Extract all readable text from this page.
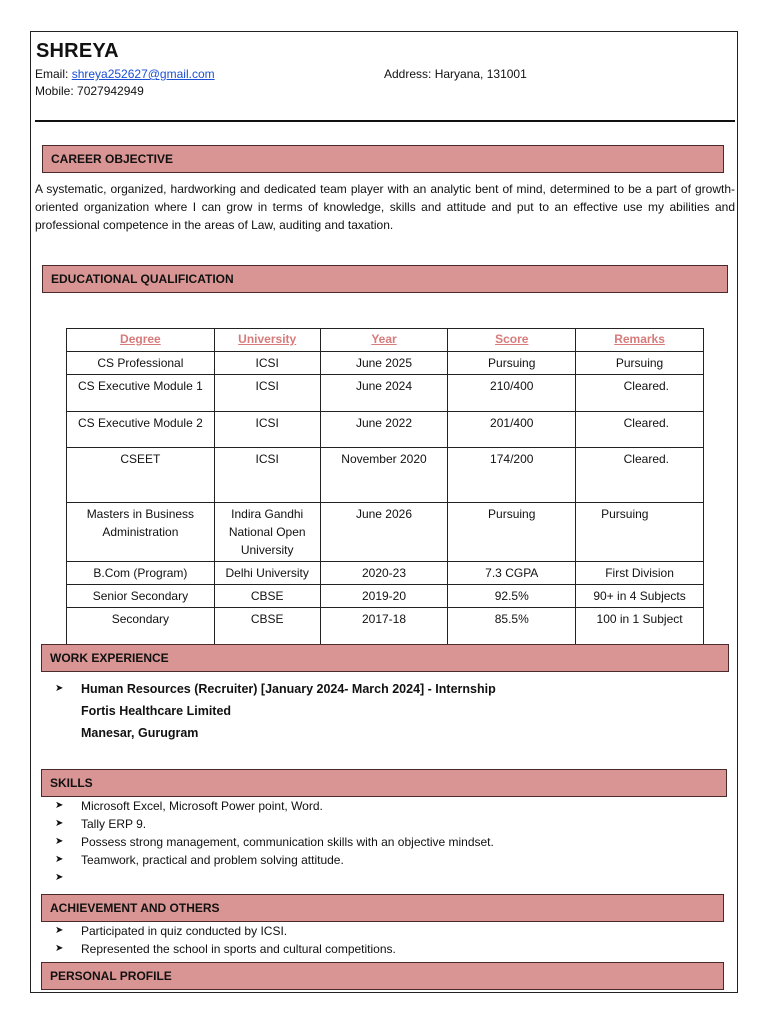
SHREYA
Email: shreya252627@gmail.com	Address: Haryana, 131001
Mobile: 7027942949
CAREER OBJECTIVE
A systematic, organized, hardworking and dedicated team player with an analytic bent of mind, determined to be a part of growth-oriented organization where I can grow in terms of knowledge, skills and attitude and put to an effective use my abilities and professional competence in the areas of Law, auditing and taxation.
EDUCATIONAL QUALIFICATION
Degree	University	Year	Score	Remarks
CS Professional	ICSI	June 2025	Pursuing	Pursuing
CS Executive Module 1	ICSI	June 2024	210/400	Cleared.
CS Executive Module 2	ICSI	June 2022	201/400	Cleared.
CSEET	ICSI	November 2020	174/200	Cleared.
Masters in Business Administration	Indira Gandhi National Open University	June 2026	Pursuing	Pursuing
B.Com (Program)	Delhi University	2020-23	7.3 CGPA	First Division
Senior Secondary	CBSE	2019-20	92.5%	90+ in 4 Subjects
Secondary	CBSE	2017-18	85.5%	100 in 1 Subject
WORK EXPERIENCE
➤ Human Resources (Recruiter) [January 2024- March 2024] - Internship
Fortis Healthcare Limited
Manesar, Gurugram
SKILLS
➤ Microsoft Excel, Microsoft Power point, Word.
➤ Tally ERP 9.
➤ Possess strong management, communication skills with an objective mindset.
➤ Teamwork, practical and problem solving attitude.
➤
ACHIEVEMENT AND OTHERS
➤ Participated in quiz conducted by ICSI.
➤ Represented the school in sports and cultural competitions.
PERSONAL PROFILE
